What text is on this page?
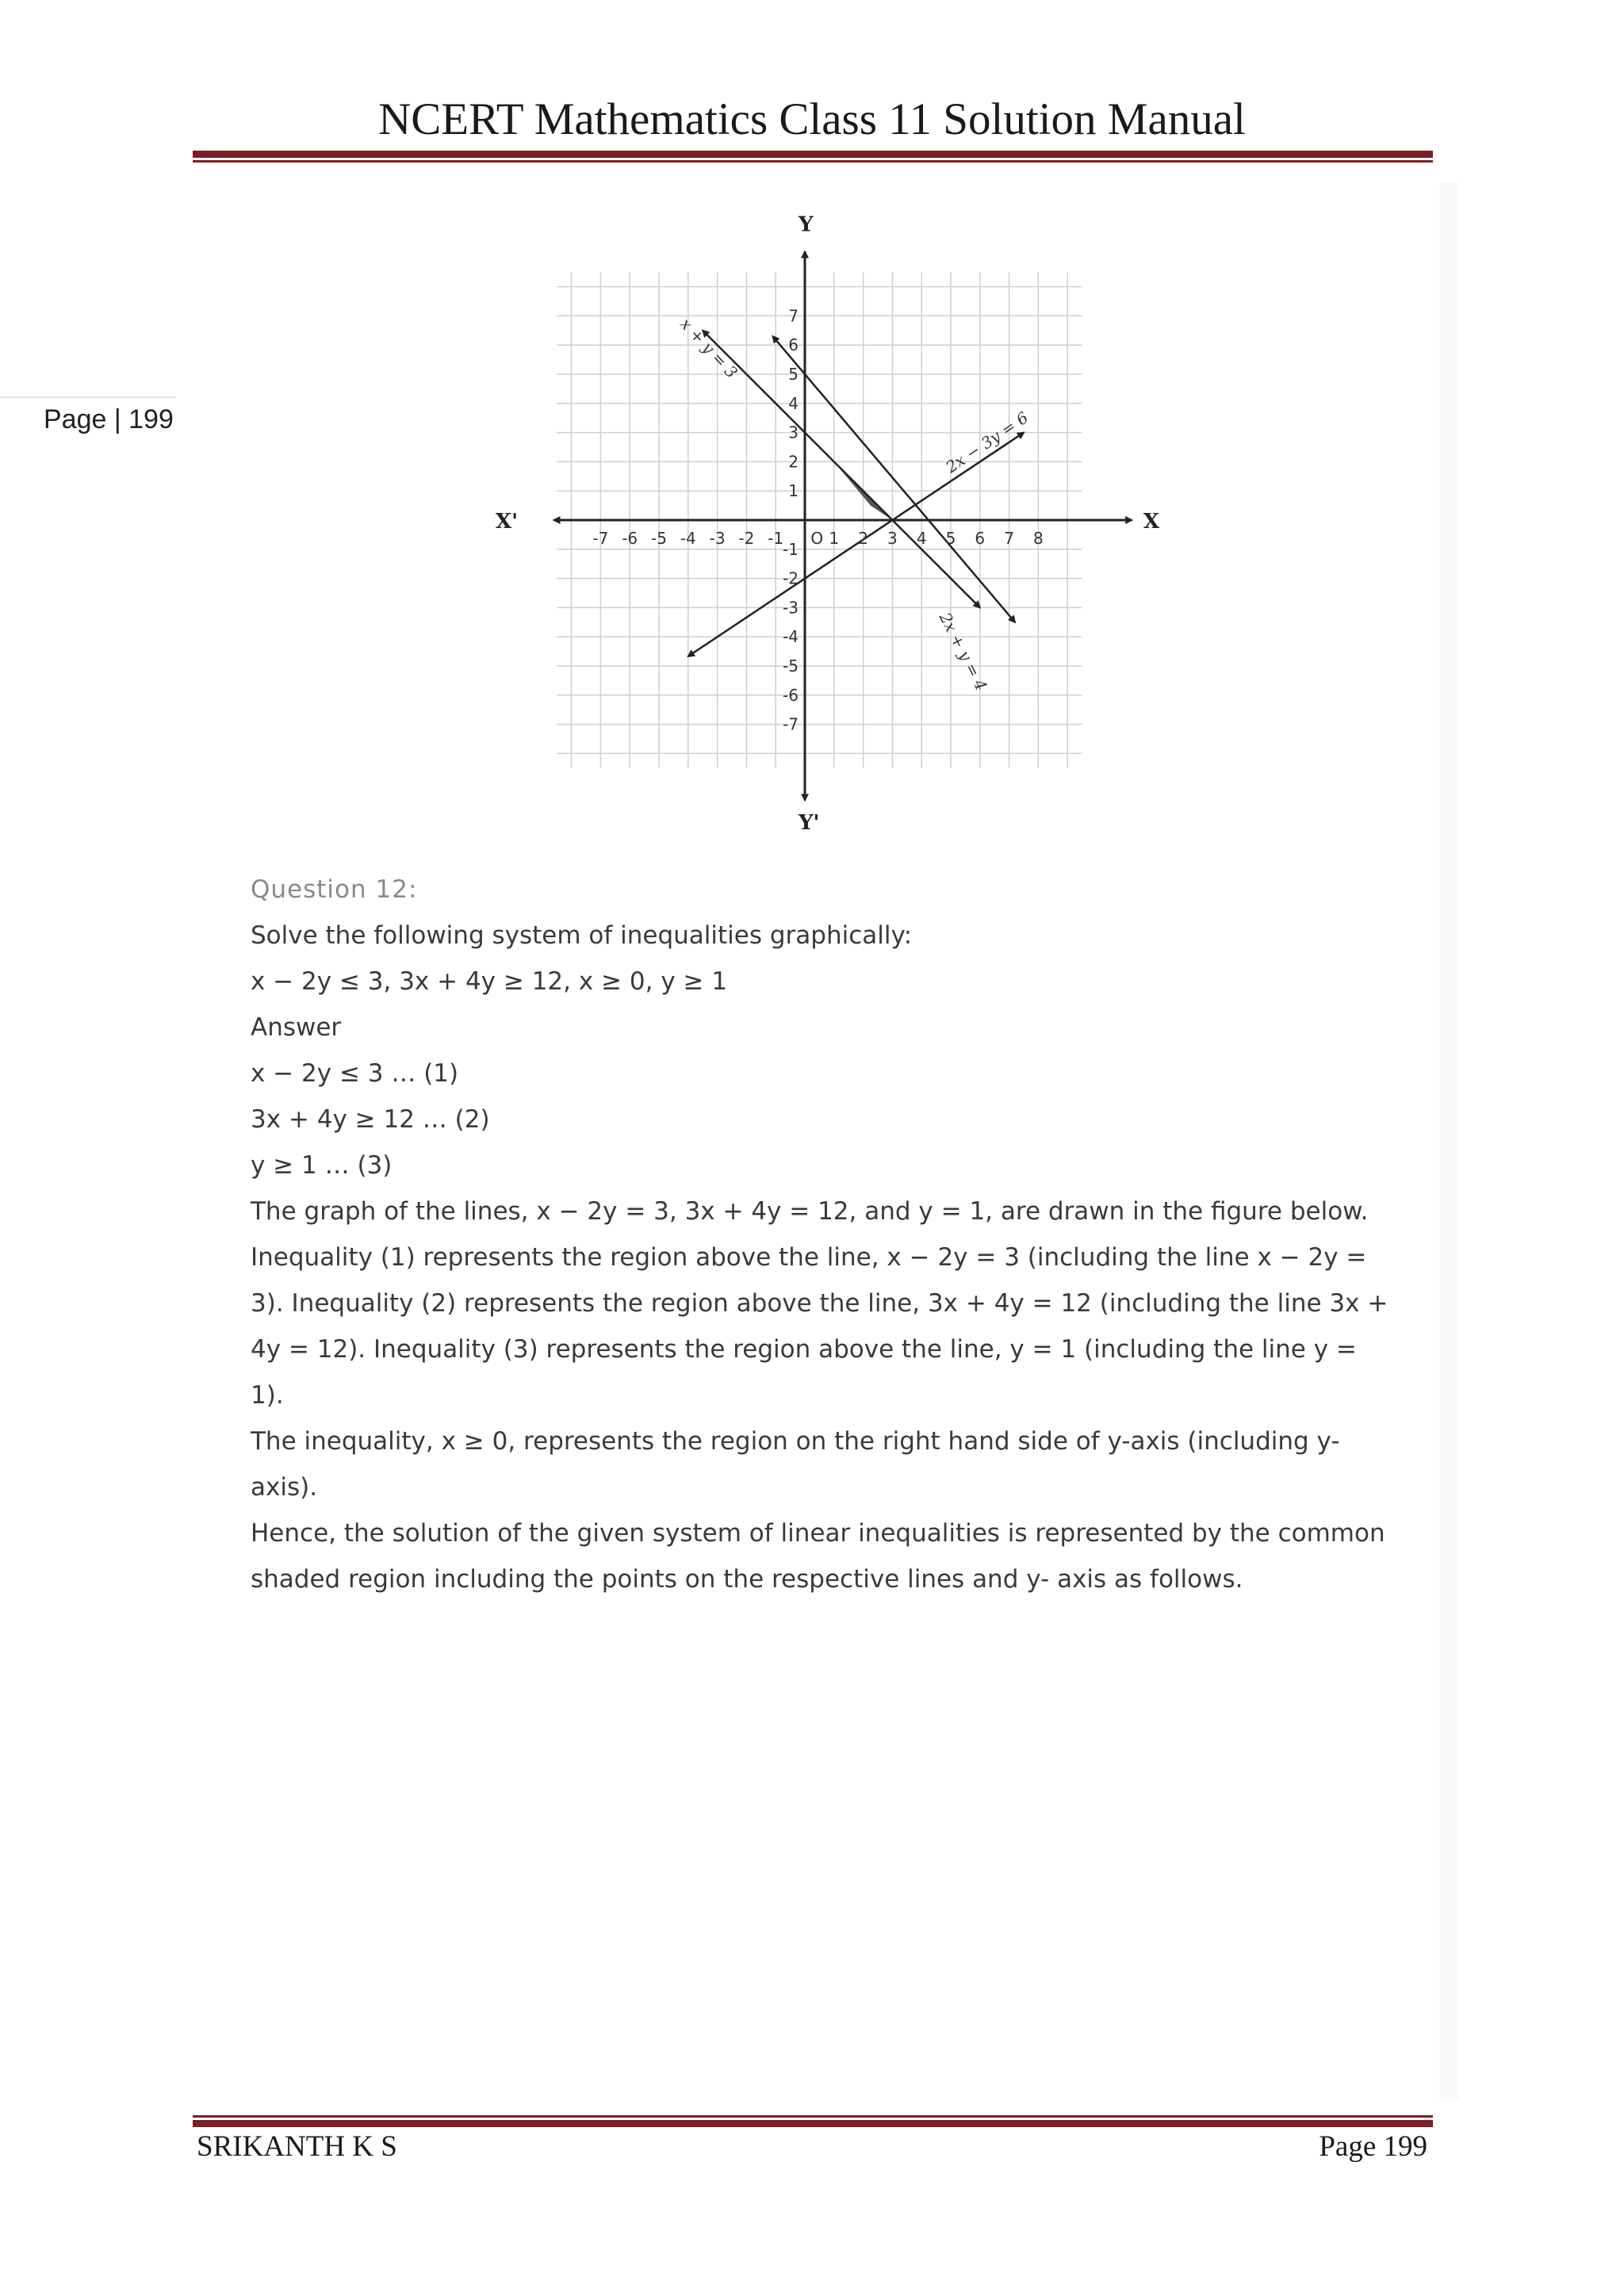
NCERT Mathematics Class 11 Solution Manual
Page | 199
-7 -6 -5 -4 -3 -2 -1	1 2 3 4 5 6 7 8
7
6
5
4
3
2
1
-1
-2
-3
-4
-5
-6
-7
X
X'
Y
Y'
O
x + y = 3
2x − 3y = 6
2x + y = 4
Question 12:
Solve the following system of inequalities graphically:
x − 2y ≤ 3, 3x + 4y ≥ 12, x ≥ 0, y ≥ 1
Answer
x − 2y ≤ 3 … (1)
3x + 4y ≥ 12 … (2)
y ≥ 1 … (3)
The graph of the lines, x − 2y = 3, 3x + 4y = 12, and y = 1, are drawn in the figure below.
Inequality (1) represents the region above the line, x − 2y = 3 (including the line x − 2y = 3). Inequality (2) represents the region above the line, 3x + 4y = 12 (including the line 3x + 4y = 12). Inequality (3) represents the region above the line, y = 1 (including the line y = 1).
The inequality, x ≥ 0, represents the region on the right hand side of y-axis (including y-axis).
Hence, the solution of the given system of linear inequalities is represented by the common shaded region including the points on the respective lines and y- axis as follows.
SRIKANTH K S	Page 199
